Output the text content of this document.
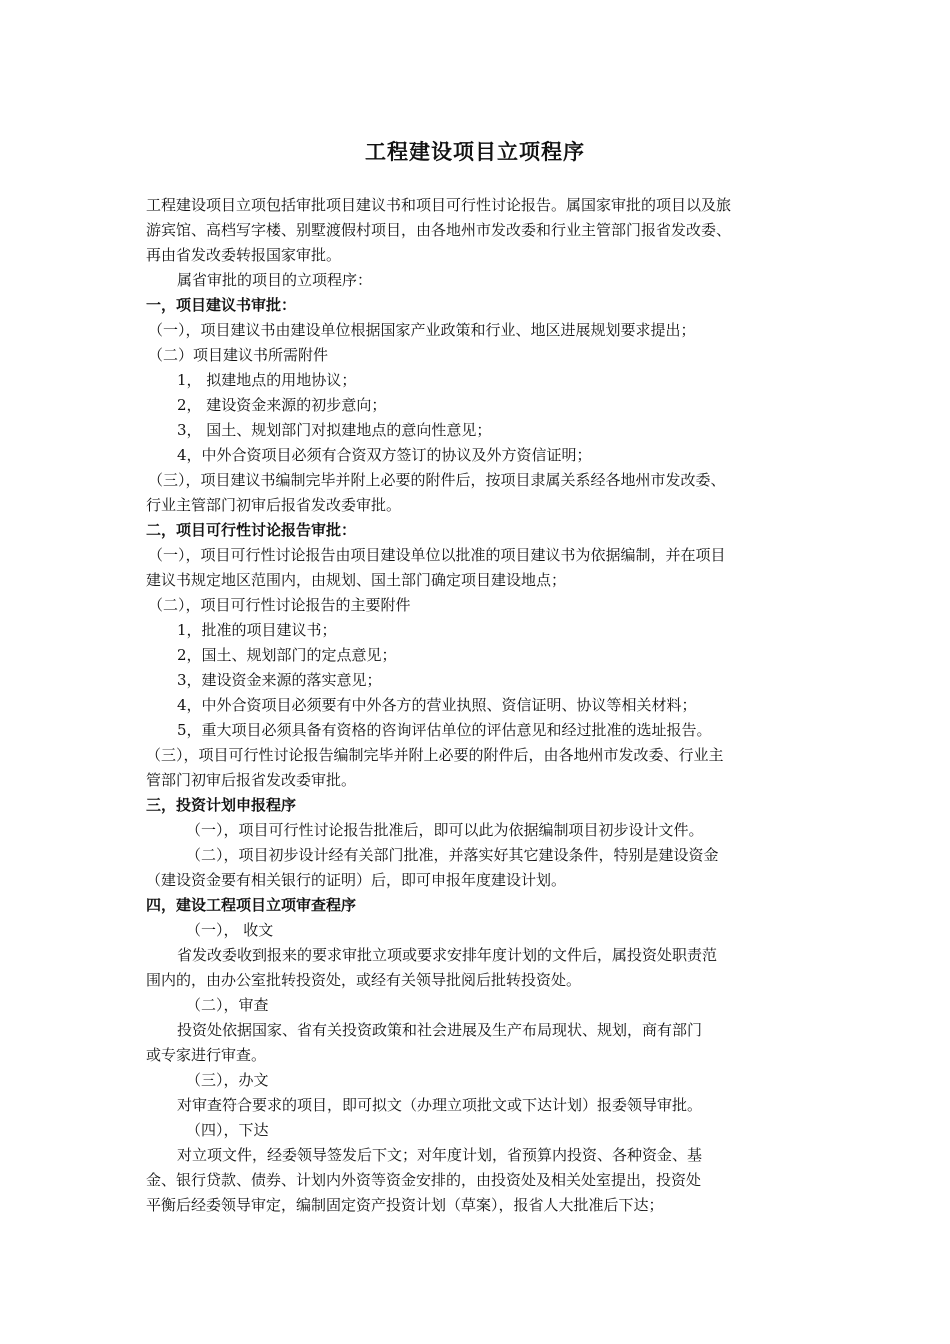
工程建设项目立项程序
工程建设项目立项包括审批项目建议书和项目可行性讨论报告。属国家审批的项目以及旅
游宾馆、高档写字楼、别墅渡假村项目，由各地州市发改委和行业主管部门报省发改委、
再由省发改委转报国家审批。
属省审批的项目的立项程序：
一，项目建议书审批：
（一），项目建议书由建设单位根据国家产业政策和行业、地区进展规划要求提出；
（二）项目建议书所需附件
1， 拟建地点的用地协议；
2， 建设资金来源的初步意向；
3， 国土、规划部门对拟建地点的意向性意见；
4，中外合资项目必须有合资双方签订的协议及外方资信证明；
（三），项目建议书编制完毕并附上必要的附件后，按项目隶属关系经各地州市发改委、
行业主管部门初审后报省发改委审批。
二，项目可行性讨论报告审批：
（一），项目可行性讨论报告由项目建设单位以批准的项目建议书为依据编制，并在项目
建议书规定地区范围内，由规划、国土部门确定项目建设地点；
（二），项目可行性讨论报告的主要附件
1，批准的项目建议书；
2，国土、规划部门的定点意见；
3，建设资金来源的落实意见；
4，中外合资项目必须要有中外各方的营业执照、资信证明、协议等相关材料；
5，重大项目必须具备有资格的咨询评估单位的评估意见和经过批准的选址报告。
（三），项目可行性讨论报告编制完毕并附上必要的附件后，由各地州市发改委、行业主
管部门初审后报省发改委审批。
三，投资计划申报程序
（一），项目可行性讨论报告批准后，即可以此为依据编制项目初步设计文件。
（二），项目初步设计经有关部门批准，并落实好其它建设条件，特别是建设资金
（建设资金要有相关银行的证明）后，即可申报年度建设计划。
四，建设工程项目立项审查程序
（一）， 收文
省发改委收到报来的要求审批立项或要求安排年度计划的文件后，属投资处职责范
围内的，由办公室批转投资处，或经有关领导批阅后批转投资处。
（二），审查
投资处依据国家、省有关投资政策和社会进展及生产布局现状、规划，商有部门
或专家进行审查。
（三），办文
对审查符合要求的项目，即可拟文（办理立项批文或下达计划）报委领导审批。
（四），下达
对立项文件，经委领导签发后下文；对年度计划，省预算内投资、各种资金、基
金、银行贷款、债券、计划内外资等资金安排的，由投资处及相关处室提出，投资处
平衡后经委领导审定，编制固定资产投资计划（草案），报省人大批准后下达；
